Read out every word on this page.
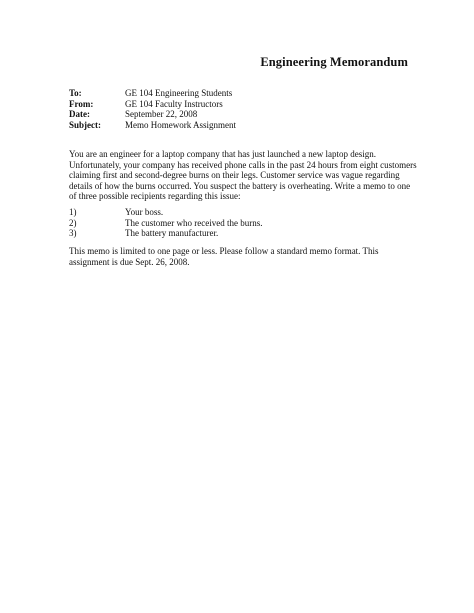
Engineering Memorandum
To:	GE 104 Engineering Students
From:	GE 104 Faculty Instructors
Date:	September 22, 2008
Subject:	Memo Homework Assignment
You are an engineer for a laptop company that has just launched a new laptop design.
Unfortunately, your company has received phone calls in the past 24 hours from eight customers
claiming first and second-degree burns on their legs. Customer service was vague regarding
details of how the burns occurred. You suspect the battery is overheating. Write a memo to one
of three possible recipients regarding this issue:
1)	Your boss.
2)	The customer who received the burns.
3)	The battery manufacturer.
This memo is limited to one page or less. Please follow a standard memo format. This
assignment is due Sept. 26, 2008.
